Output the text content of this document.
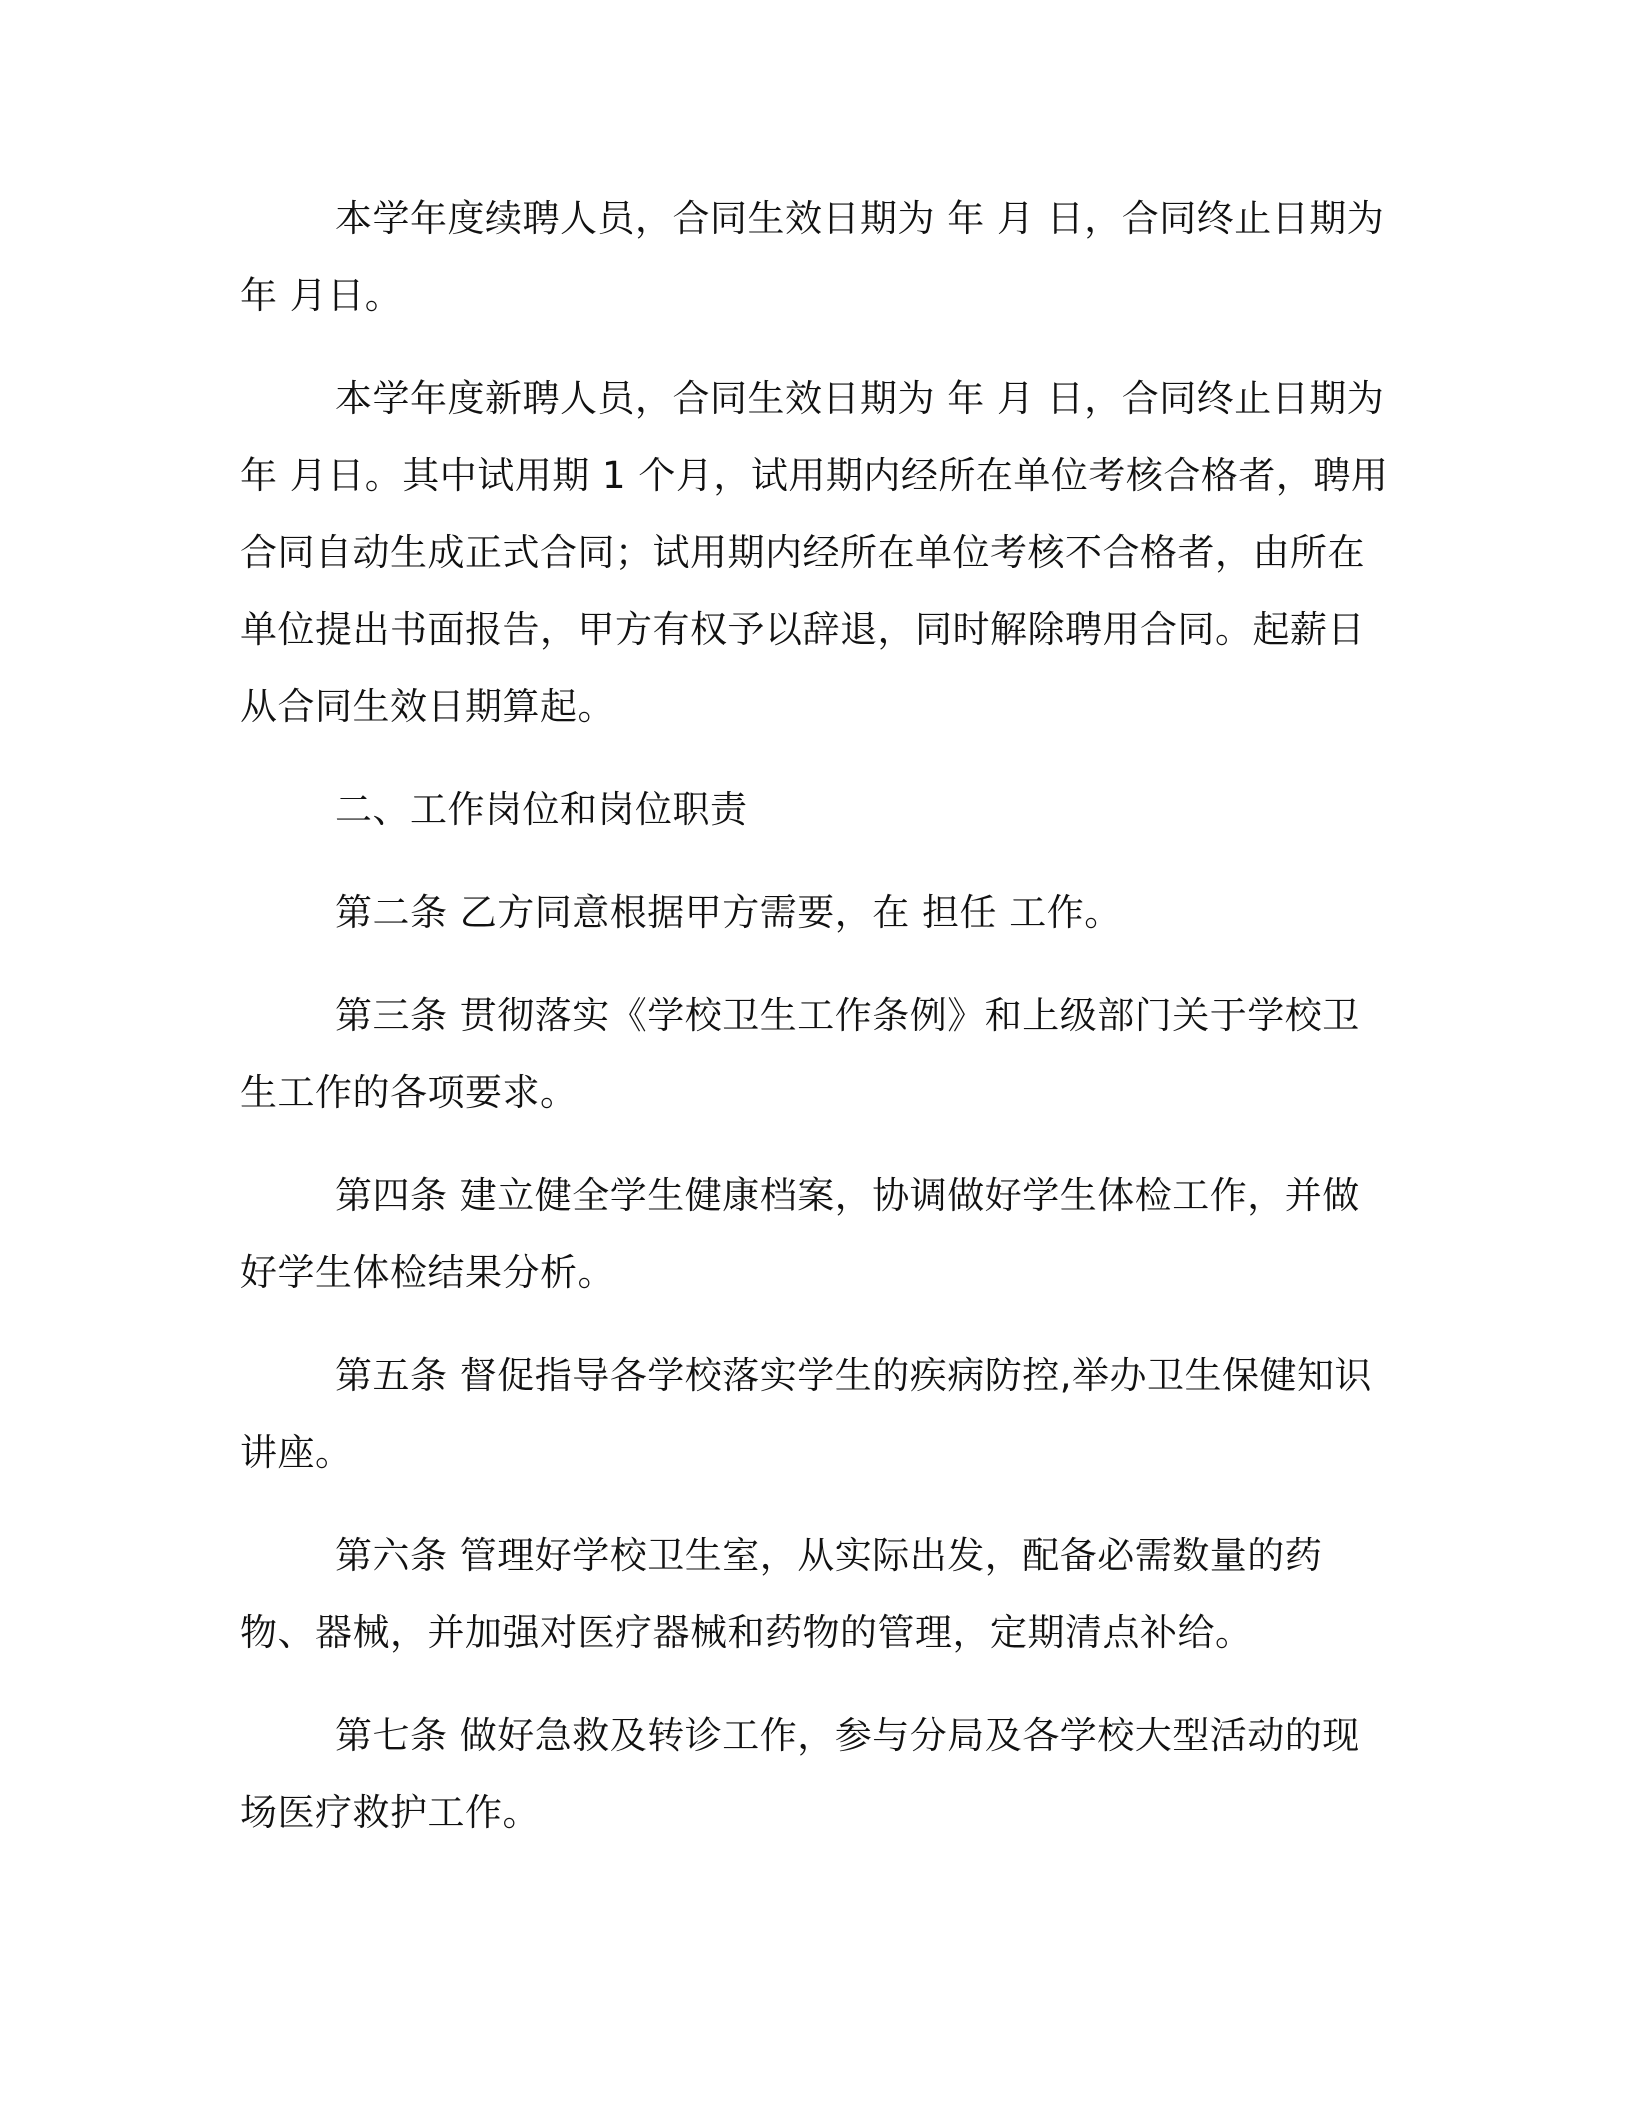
本学年度续聘人员，合同生效日期为 年 月 日，合同终止日期为 年 月日。

本学年度新聘人员，合同生效日期为 年 月 日，合同终止日期为 年 月日。其中试用期 1 个月，试用期内经所在单位考核合格者，聘用合同自动生成正式合同；试用期内经所在单位考核不合格者，由所在单位提出书面报告，甲方有权予以辞退，同时解除聘用合同。起薪日从合同生效日期算起。

二、工作岗位和岗位职责

第二条 乙方同意根据甲方需要，在 担任 工作。

第三条 贯彻落实《学校卫生工作条例》和上级部门关于学校卫生工作的各项要求。

第四条 建立健全学生健康档案，协调做好学生体检工作，并做好学生体检结果分析。

第五条 督促指导各学校落实学生的疾病防控,举办卫生保健知识讲座。

第六条 管理好学校卫生室，从实际出发，配备必需数量的药物、器械，并加强对医疗器械和药物的管理，定期清点补给。

第七条 做好急救及转诊工作，参与分局及各学校大型活动的现场医疗救护工作。
